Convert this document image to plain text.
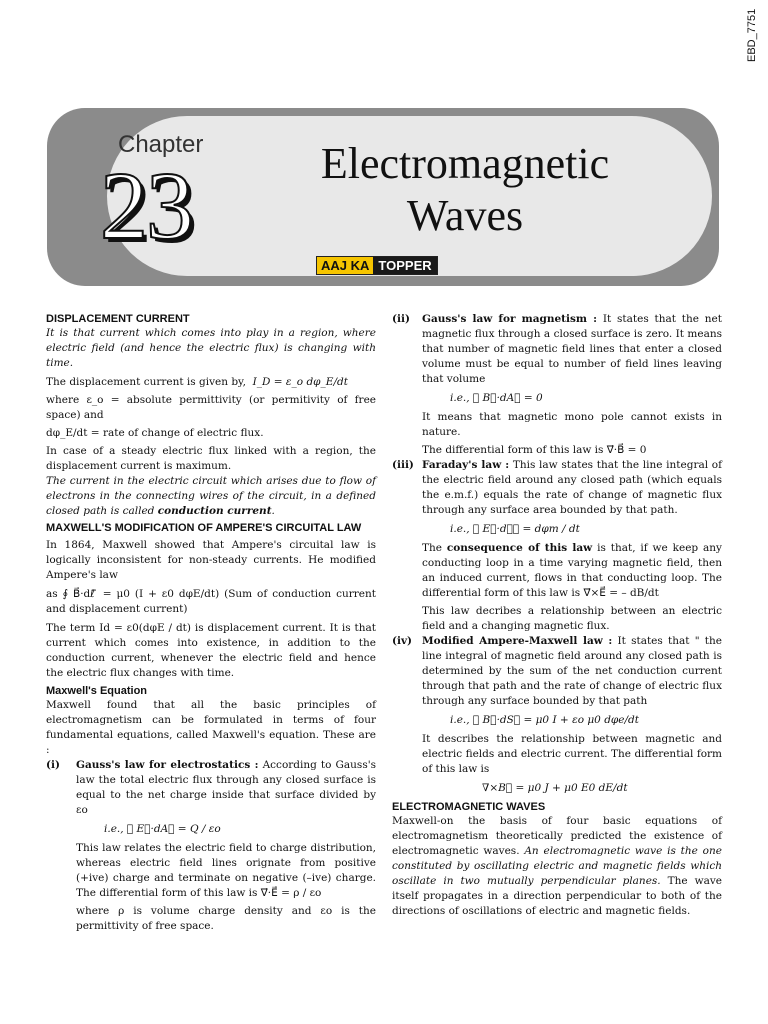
EBD_7751
Chapter
23	Electromagnetic
Waves
AAJ KA TOPPER

DISPLACEMENT CURRENT

It is that current which comes into play in a region, where electric field (and hence the electric flux) is changing with time.

The displacement current is given by, I_D = ε_o dφ_E/dt

where ε_o = absolute permittivity (or permitivity of free space) and

dφ_E/dt = rate of change of electric flux.

In case of a steady electric flux linked with a region, the displacement current is maximum.

The current in the electric circuit which arises due to flow of electrons in the connecting wires of the circuit, in a defined closed path is called conduction current.

MAXWELL'S MODIFICATION OF AMPERE'S CIRCUITAL LAW

In 1864, Maxwell showed that Ampere's circuital law is logically inconsistent for non-steady currents. He modified Ampere's law

as ∮ B⃗·dℓ⃗ = μ0 (I + ε0 dφE/dt) (Sum of conduction current and displacement current)

The term Id = ε0(dφE / dt) is displacement current. It is that current which comes into existence, in addition to the conduction current, whenever the electric field and hence the electric flux changes with time.

Maxwell's Equation

Maxwell found that all the basic principles of electromagnetism can be formulated in terms of four fundamental equations, called Maxwell's equation. These are :

(i) Gauss's law for electrostatics : According to Gauss's law the total electric flux through any closed surface is equal to the net charge inside that surface divided by εo

i.e., ∮ E⃗·dA⃗ = Q / εo

This law relates the electric field to charge distribution, whereas electric field lines orignate from positive (+ive) charge and terminate on negative (–ive) charge. The differential form of this law is ∇⃗·E⃗ = ρ / εo

where ρ is volume charge density and εo is the permittivity of free space.

(ii) Gauss's law for magnetism : It states that the net magnetic flux through a closed surface is zero. It means that number of magnetic field lines that enter a closed volume must be equal to number of field lines leaving that volume

i.e., ∮ B⃗·dA⃗ = 0

It means that magnetic mono pole cannot exists in nature.

The differential form of this law is ∇⃗·B⃗ = 0

(iii) Faraday's law : This law states that the line integral of the electric field around any closed path (which equals the e.m.f.) equals the rate of change of magnetic flux through any surface area bounded by that path.

i.e., ∮ E⃗·dℓ⃗ = dφm / dt

The consequence of this law is that, if we keep any conducting loop in a time varying magnetic field, then an induced current, flows in that conducting loop. The differential form of this law is ∇⃗×E⃗ = – dB/dt

This law decribes a relationship between an electric field and a changing magnetic flux.

(iv) Modified Ampere-Maxwell law : It states that " the line integral of magnetic field around any closed path is determined by the sum of the net conduction current through that path and the rate of change of electric flux through any surface bounded by that path

i.e., ∮ B⃗·dS⃗ = μ0 I + εo μ0 dφe/dt

It describes the relationship between magnetic and electric fields and electric current. The differential form of this law is

∇×B⃗ = μ0 J + μ0 E0 dE/dt

ELECTROMAGNETIC WAVES

Maxwell-on the basis of four basic equations of electromagnetism theoretically predicted the existence of electromagnetic waves. An electromagnetic wave is the one constituted by oscillating electric and magnetic fields which oscillate in two mutually perpendicular planes. The wave itself propagates in a direction perpendicular to both of the directions of oscillations of electric and magnetic fields.
